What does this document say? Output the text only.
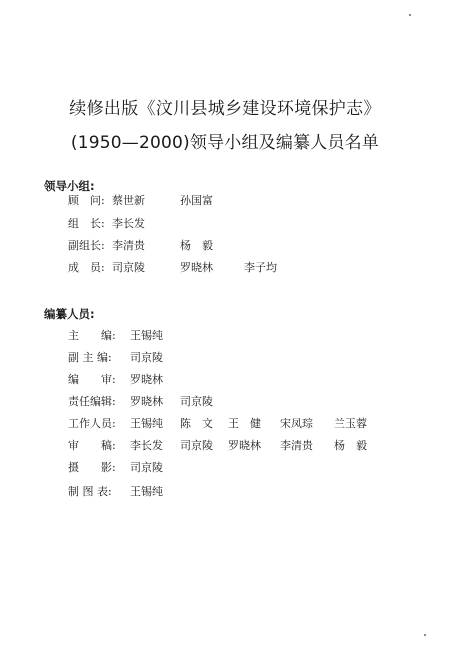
续修出版《汶川县城乡建设环境保护志》
(1950—2000)领导小组及编纂人员名单
领导小组:
顾　问: 蔡世新	孙国富
组　长: 李长发
副组长: 李清贵	杨　毅
成　员: 司京陵	罗晓林	李子均
编纂人员:
主　　编: 王锡纯
副 主 编: 司京陵
编　　审: 罗晓林
责任编辑: 罗晓林 司京陵
工作人员: 王锡纯 陈　文 王　健 宋凤琮 兰玉蓉
审　　稿: 李长发 司京陵 罗晓林 李清贵 杨　毅
摄　　影: 司京陵
制 图 表: 王锡纯
